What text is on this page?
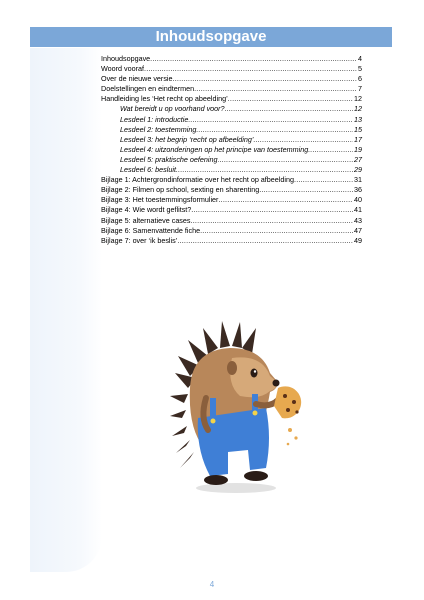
Inhoudsopgave
Inhoudsopgave .....	4
Woord vooraf .....	5
Over de nieuwe versie .....	6
Doelstellingen en eindtermen .....	7
Handleiding les ‘Het recht op abeelding’ .....	12
Wat bereidt u op voorhand voor? .....	12
Lesdeel 1: introductie .....	13
Lesdeel 2: toestemming .....	15
Lesdeel 3: het begrip ‘recht op afbeelding’ .....	17
Lesdeel 4: uitzonderingen op het principe van toestemming .....	19
Lesdeel 5: praktische oefening .....	27
Lesdeel 6: besluit .....	29
Bijlage 1: Achtergrondinformatie over het recht op afbeelding .....	31
Bijlage 2: Filmen op school, sexting en sharenting .....	36
Bijlage 3: Het toestemmingsformulier .....	40
Bijlage 4: Wie wordt geflitst? .....	41
Bijlage 5: alternatieve cases .....	43
Bijlage 6: Samenvattende fiche .....	47
Bijlage 7: over ‘ik beslis’ .....	49
4
